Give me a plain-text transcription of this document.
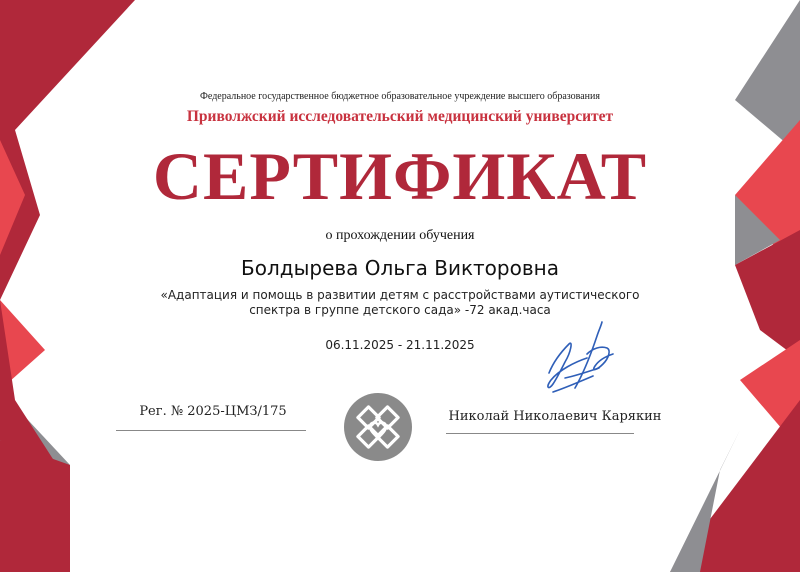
Федеральное государственное бюджетное образовательное учреждение высшего образования
Приволжский исследовательский медицинский университет
СЕРТИФИКАТ
о прохождении обучения
Болдырева Ольга Викторовна
«Адаптация и помощь в развитии детям с расстройствами аутистического спектра в группе детского сада» -72 акад.часа
06.11.2025 - 21.11.2025
Рег. № 2025-ЦМЗ/175	Николай Николаевич Карякин
